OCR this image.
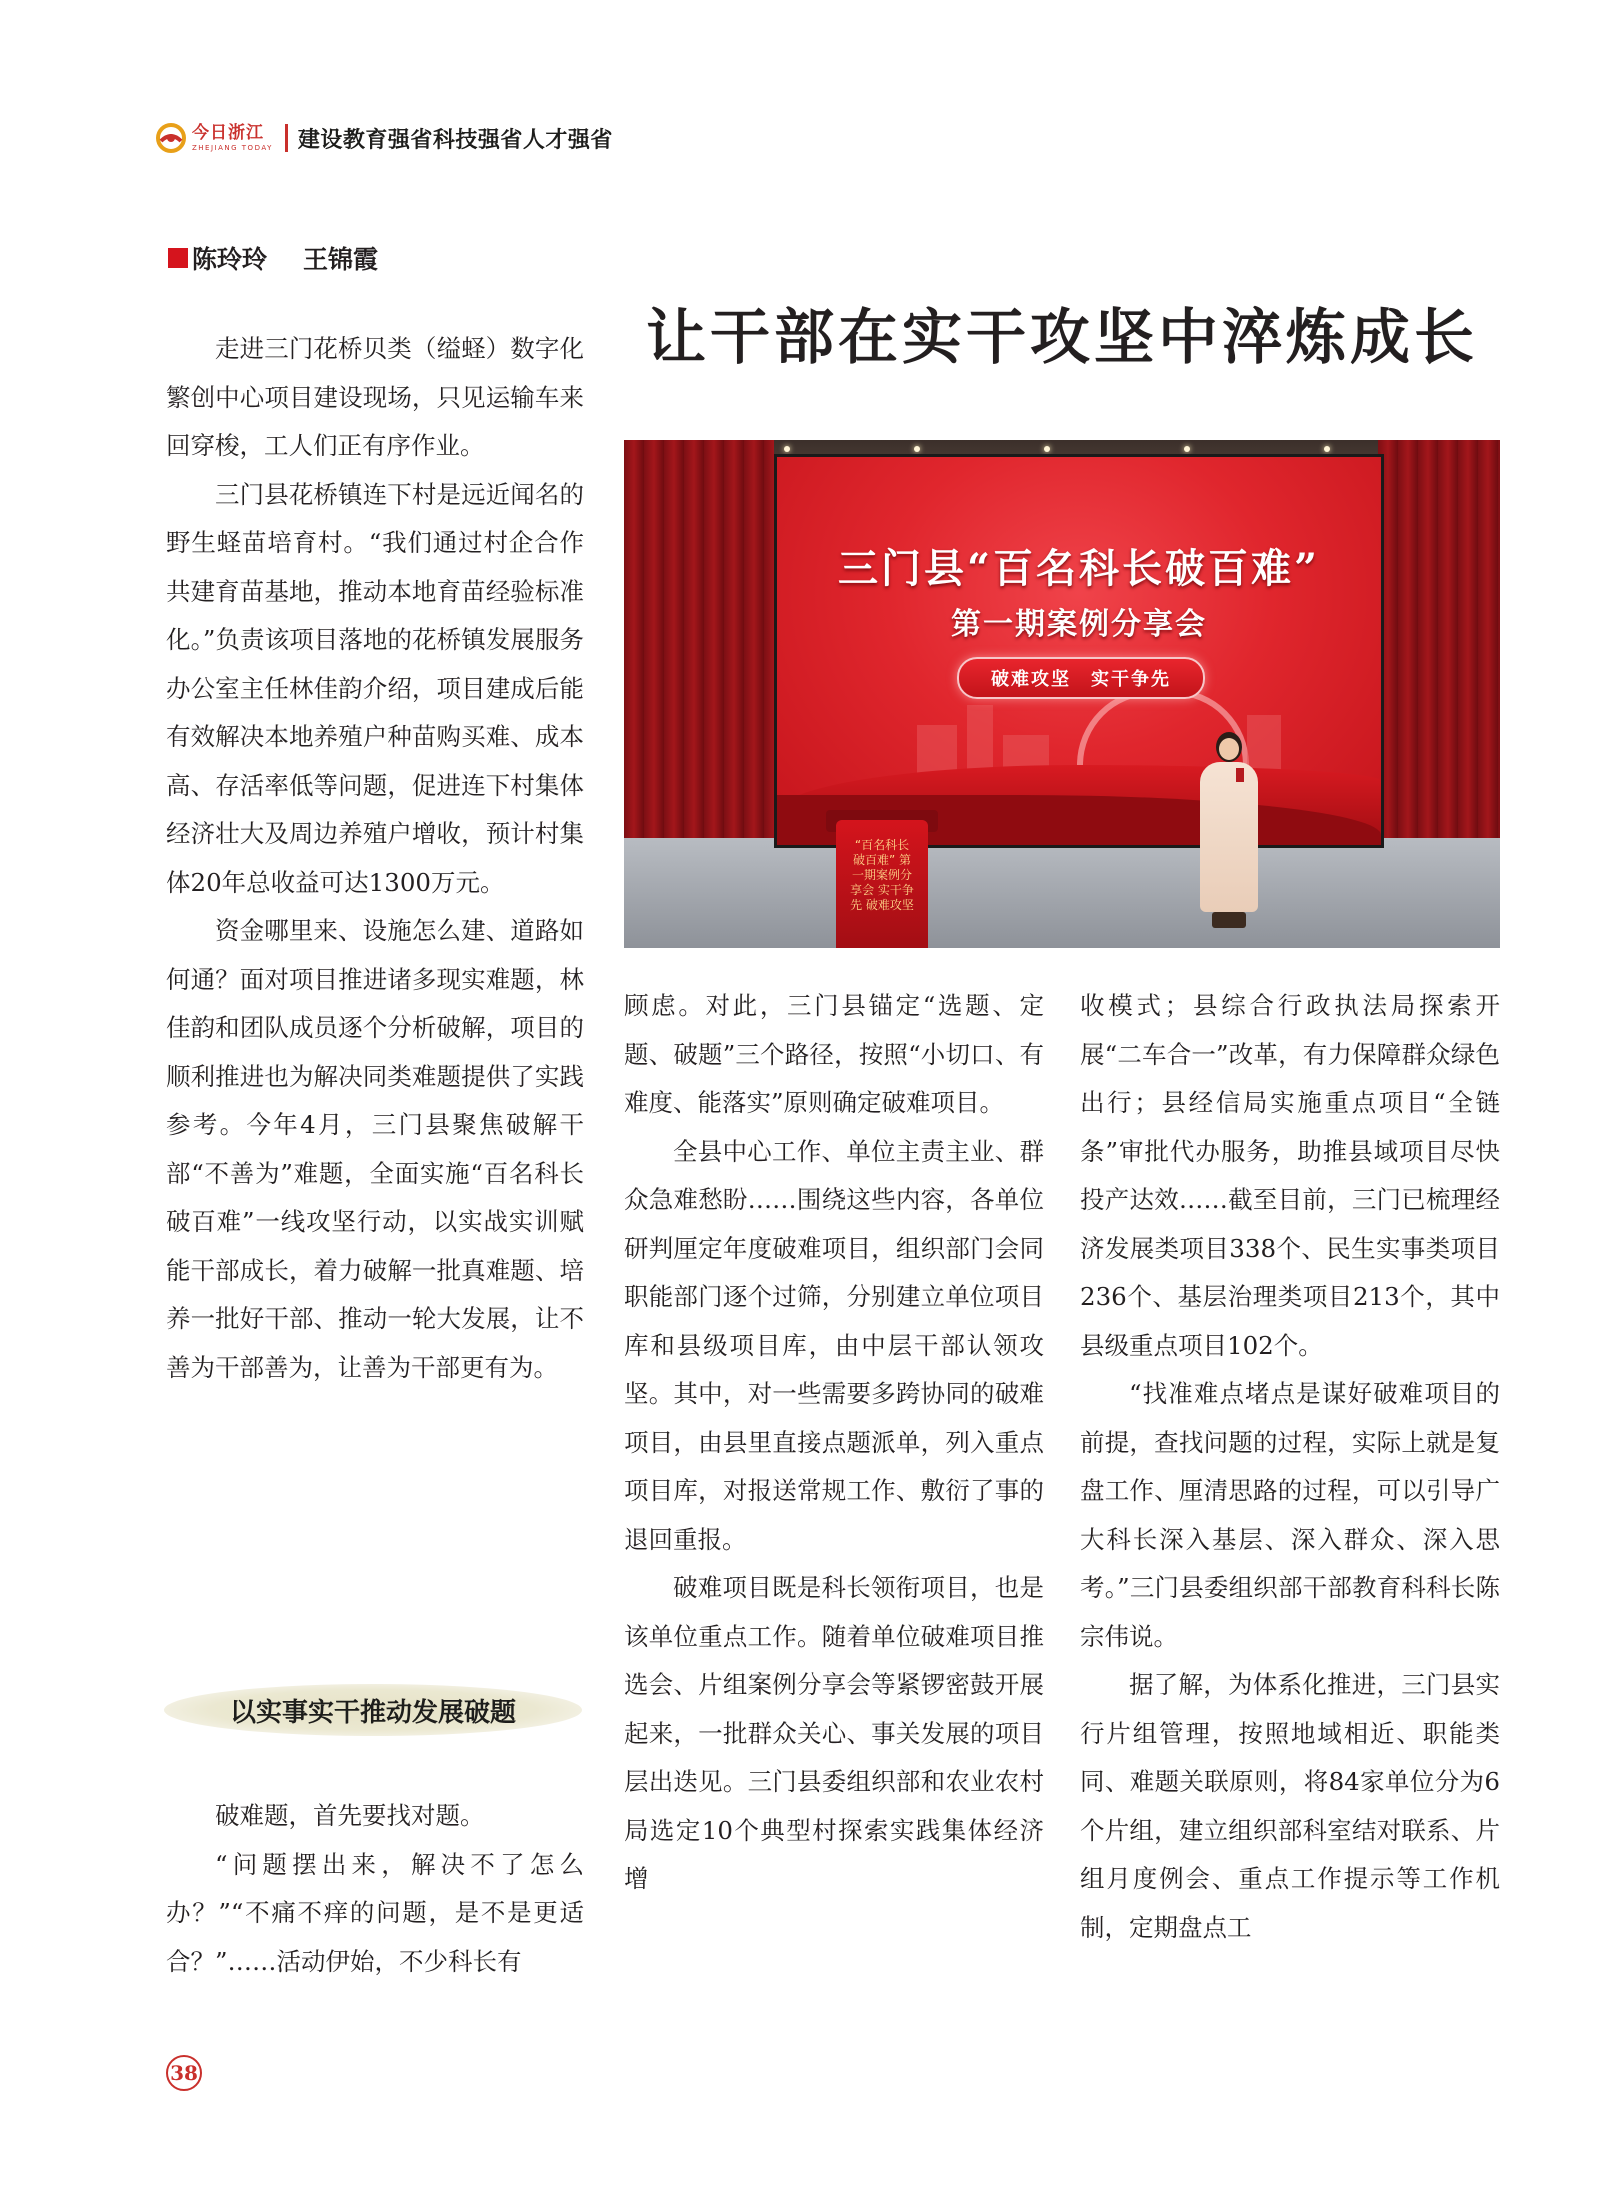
今日浙江
ZHEJIANG TODAY 建设教育强省科技强省人才强省
陈玲玲 王锦霞
让干部在实干攻坚中淬炼成长

走进三门花桥贝类（缢蛏）数字化繁创中心项目建设现场，只见运输车来回穿梭，工人们正有序作业。

三门县花桥镇连下村是远近闻名的野生蛏苗培育村。“我们通过村企合作共建育苗基地，推动本地育苗经验标准化。”负责该项目落地的花桥镇发展服务办公室主任林佳韵介绍，项目建成后能有效解决本地养殖户种苗购买难、成本高、存活率低等问题，促进连下村集体经济壮大及周边养殖户增收，预计村集体20年总收益可达1300万元。

资金哪里来、设施怎么建、道路如何通？面对项目推进诸多现实难题，林佳韵和团队成员逐个分析破解，项目的顺利推进也为解决同类难题提供了实践参考。今年4月，三门县聚焦破解干部“不善为”难题，全面实施“百名科长破百难”一线攻坚行动，以实战实训赋能干部成长，着力破解一批真难题、培养一批好干部、推动一轮大发展，让不善为干部善为，让善为干部更有为。

以实事实干推动发展破题

破难题，首先要找对题。

“问题摆出来，解决不了怎么办？”“不痛不痒的问题，是不是更适合？”……活动伊始，不少科长有

三门县“百名科长破百难”
第一期案例分享会
破难攻坚　实干争先
“百名科长破百难” 第一期案例分享会 实干争先 破难攻坚

顾虑。对此，三门县锚定“选题、定题、破题”三个路径，按照“小切口、有难度、能落实”原则确定破难项目。

全县中心工作、单位主责主业、群众急难愁盼……围绕这些内容，各单位研判厘定年度破难项目，组织部门会同职能部门逐个过筛，分别建立单位项目库和县级项目库，由中层干部认领攻坚。其中，对一些需要多跨协同的破难项目，由县里直接点题派单，列入重点项目库，对报送常规工作、敷衍了事的退回重报。

破难项目既是科长领衔项目，也是该单位重点工作。随着单位破难项目推选会、片组案例分享会等紧锣密鼓开展起来，一批群众关心、事关发展的项目层出迭见。三门县委组织部和农业农村局选定10个典型村探索实践集体经济增

收模式；县综合行政执法局探索开展“二车合一”改革，有力保障群众绿色出行；县经信局实施重点项目“全链条”审批代办服务，助推县域项目尽快投产达效……截至目前，三门已梳理经济发展类项目338个、民生实事类项目236个、基层治理类项目213个，其中县级重点项目102个。

“找准难点堵点是谋好破难项目的前提，查找问题的过程，实际上就是复盘工作、厘清思路的过程，可以引导广大科长深入基层、深入群众、深入思考。”三门县委组织部干部教育科科长陈宗伟说。

据了解，为体系化推进，三门县实行片组管理，按照地域相近、职能类同、难题关联原则，将84家单位分为6个片组，建立组织部科室结对联系、片组月度例会、重点工作提示等工作机制，定期盘点工

38
